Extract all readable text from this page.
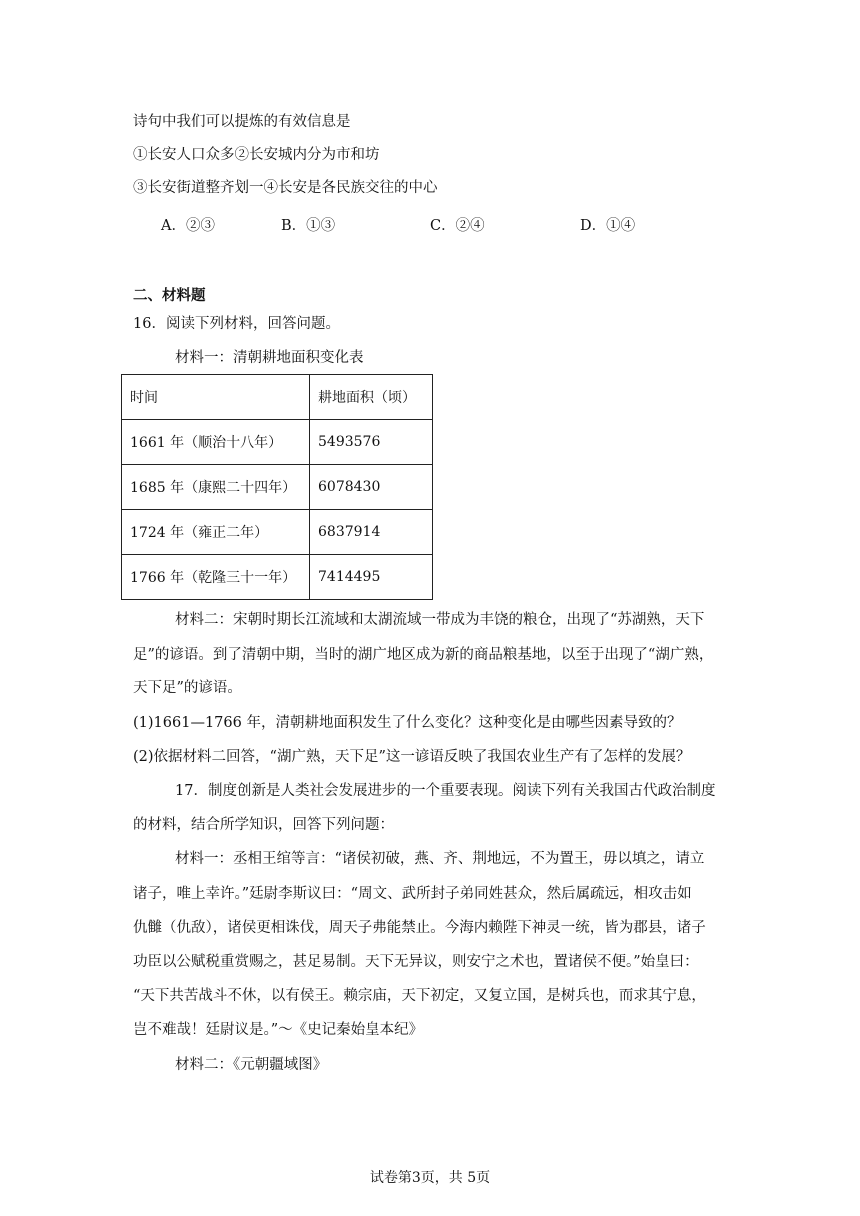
诗句中我们可以提炼的有效信息是
①长安人口众多②长安城内分为市和坊
③长安街道整齐划一④长安是各民族交往的中心
A．②③	B．①③	C．②④	D．①④
二、材料题
16．阅读下列材料，回答问题。
材料一：清朝耕地面积变化表
时间	耕地面积（顷）
1661 年（顺治十八年）	5493576
1685 年（康熙二十四年）	6078430
1724 年（雍正二年）	6837914
1766 年（乾隆三十一年）	7414495
材料二：宋朝时期长江流域和太湖流域一带成为丰饶的粮仓，出现了“苏湖熟，天下
足”的谚语。到了清朝中期，当时的湖广地区成为新的商品粮基地，以至于出现了“湖广熟，
天下足”的谚语。
(1)1661—1766 年，清朝耕地面积发生了什么变化？这种变化是由哪些因素导致的？
(2)依据材料二回答，“湖广熟，天下足”这一谚语反映了我国农业生产有了怎样的发展？
17．制度创新是人类社会发展进步的一个重要表现。阅读下列有关我国古代政治制度
的材料，结合所学知识，回答下列问题：
材料一：丞相王绾等言：“诸侯初破，燕、齐、荆地远，不为置王，毋以填之，请立
诸子，唯上幸许。”廷尉李斯议曰：“周文、武所封子弟同姓甚众，然后属疏远，相攻击如
仇雠（仇敌），诸侯更相诛伐，周天子弗能禁止。今海内赖陛下神灵一统，皆为郡县，诸子
功臣以公赋税重赏赐之，甚足易制。天下无异议，则安宁之术也，置诸侯不便。”始皇曰：
“天下共苦战斗不休，以有侯王。赖宗庙，天下初定，又复立国，是树兵也，而求其宁息，
岂不难哉！廷尉议是。”～《史记秦始皇本纪》
材料二：《元朝疆域图》
试卷第3页，共 5页
